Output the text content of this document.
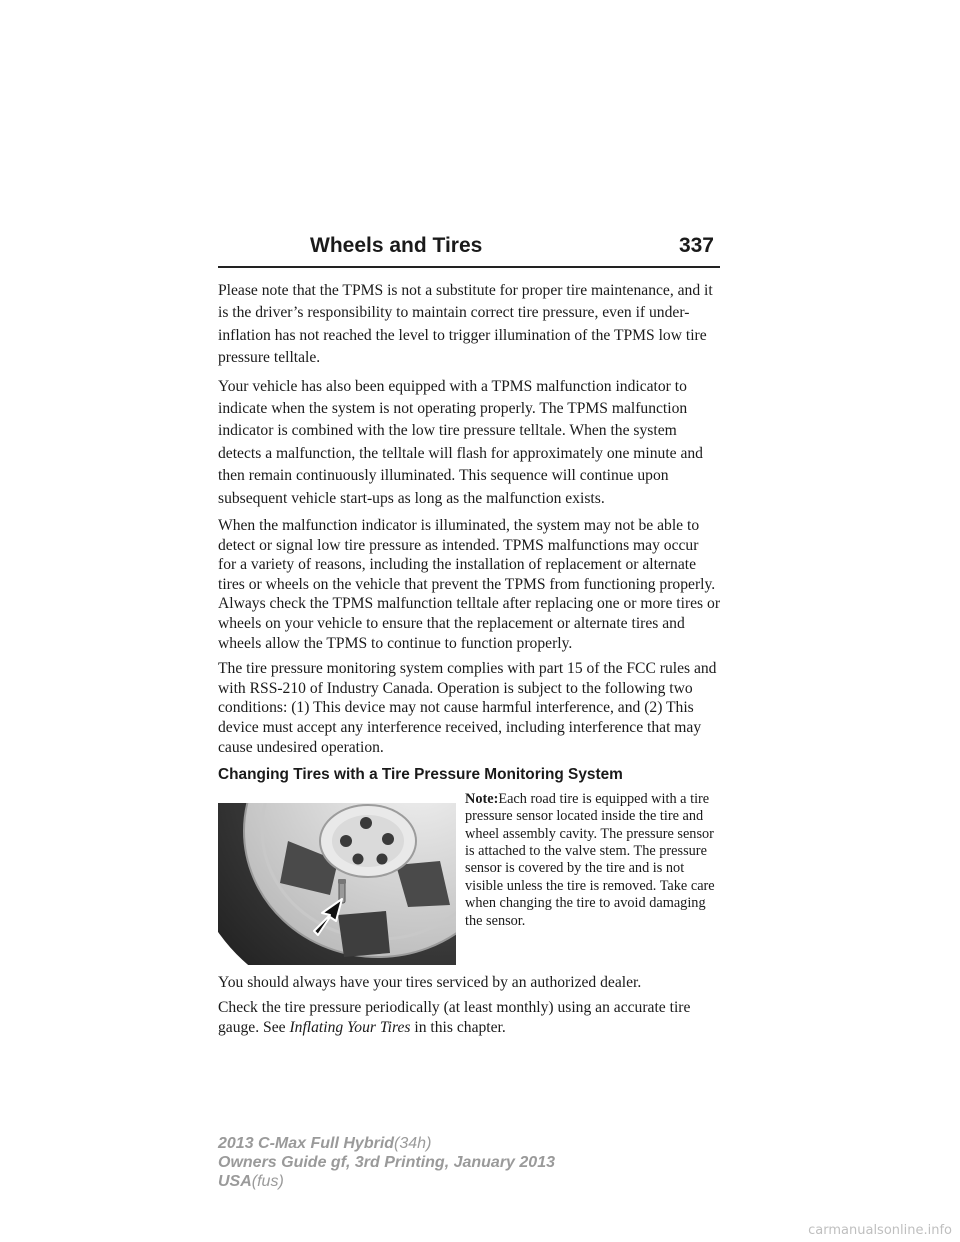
Wheels and Tires	337

Please note that the TPMS is not a substitute for proper tire maintenance, and it is the driver’s responsibility to maintain correct tire pressure, even if under-inflation has not reached the level to trigger illumination of the TPMS low tire pressure telltale.

Your vehicle has also been equipped with a TPMS malfunction indicator to indicate when the system is not operating properly. The TPMS malfunction indicator is combined with the low tire pressure telltale. When the system detects a malfunction, the telltale will flash for approximately one minute and then remain continuously illuminated. This sequence will continue upon subsequent vehicle start-ups as long as the malfunction exists.

When the malfunction indicator is illuminated, the system may not be able to detect or signal low tire pressure as intended. TPMS malfunctions may occur for a variety of reasons, including the installation of replacement or alternate tires or wheels on the vehicle that prevent the TPMS from functioning properly. Always check the TPMS malfunction telltale after replacing one or more tires or wheels on your vehicle to ensure that the replacement or alternate tires and wheels allow the TPMS to continue to function properly.

The tire pressure monitoring system complies with part 15 of the FCC rules and with RSS-210 of Industry Canada. Operation is subject to the following two conditions: (1) This device may not cause harmful interference, and (2) This device must accept any interference received, including interference that may cause undesired operation.

Changing Tires with a Tire Pressure Monitoring System
Note:Each road tire is equipped with a tire pressure sensor located inside the tire and wheel assembly cavity. The pressure sensor is attached to the valve stem. The pressure sensor is covered by the tire and is not visible unless the tire is removed. Take care when changing the tire to avoid damaging the sensor.

You should always have your tires serviced by an authorized dealer.

Check the tire pressure periodically (at least monthly) using an accurate tire gauge. See Inflating Your Tires in this chapter.

2013 C-Max Full Hybrid(34h)
Owners Guide gf, 3rd Printing, January 2013
USA(fus)
carmanualsonline.info
